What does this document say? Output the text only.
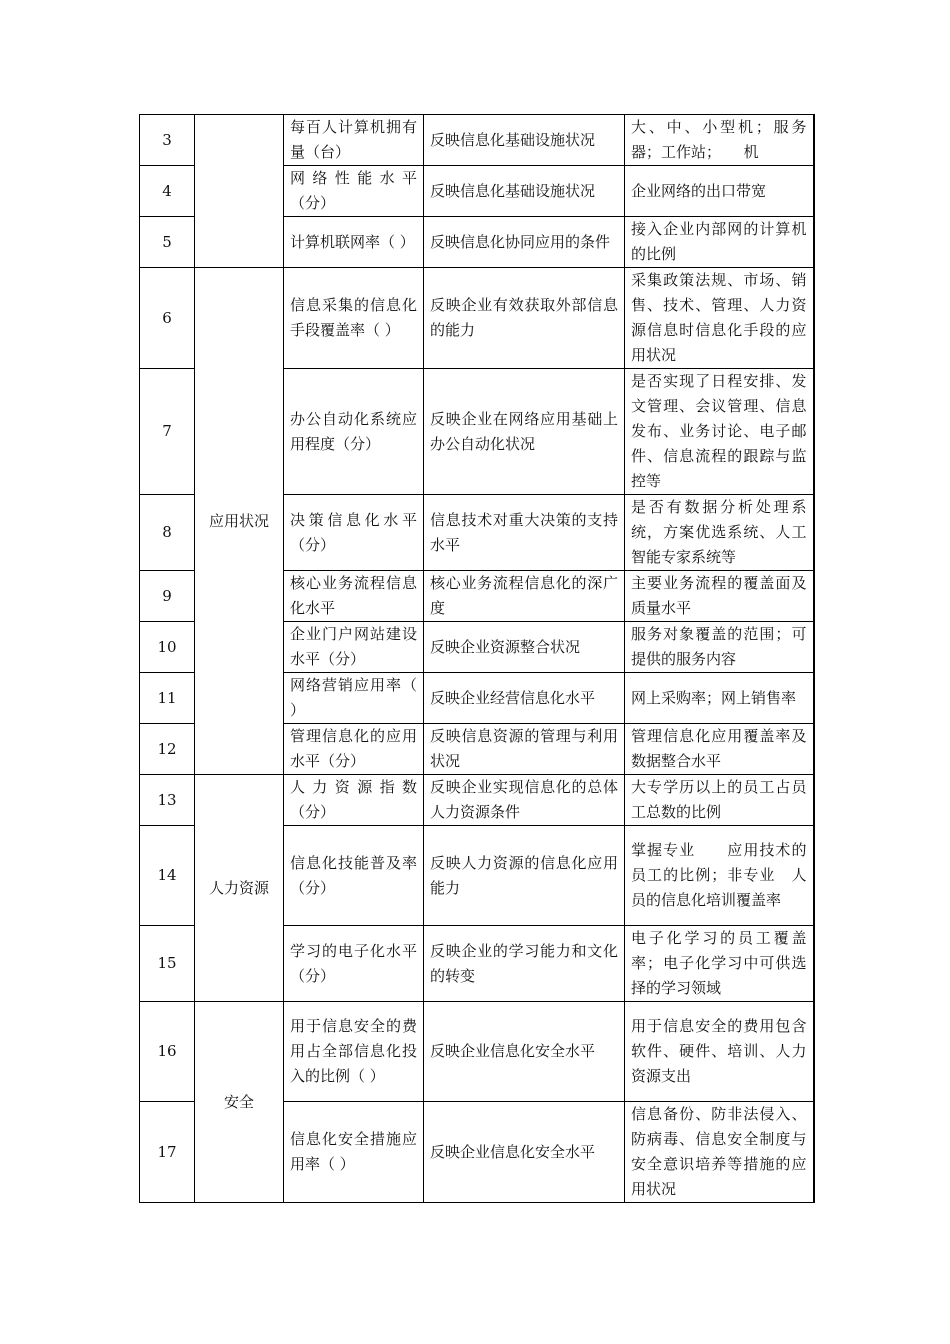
3		每百人计算机拥有量（台）	反映信息化基础设施状况	大、中、小型机；服务器；工作站；　　机
4		网络性能水平（分）	反映信息化基础设施状况	企业网络的出口带宽
5		计算机联网率（ ）	反映信息化协同应用的条件	接入企业内部网的计算机的比例
6	应用状况	信息采集的信息化手段覆盖率（ ）	反映企业有效获取外部信息的能力	采集政策法规、市场、销售、技术、管理、人力资源信息时信息化手段的应用状况
7		办公自动化系统应用程度（分）	反映企业在网络应用基础上办公自动化状况	是否实现了日程安排、发文管理、会议管理、信息发布、业务讨论、电子邮件、信息流程的跟踪与监控等
8		决策信息化水平（分）	信息技术对重大决策的支持水平	是否有数据分析处理系统，方案优选系统、人工智能专家系统等
9		核心业务流程信息化水平	核心业务流程信息化的深广度	主要业务流程的覆盖面及质量水平
10		企业门户网站建设水平（分）	反映企业资源整合状况	服务对象覆盖的范围；可提供的服务内容
11		网络营销应用率（ ）	反映企业经营信息化水平	网上采购率；网上销售率
12		管理信息化的应用水平（分）	反映信息资源的管理与利用状况	管理信息化应用覆盖率及数据整合水平
13	人力资源	人力资源指数（分）	反映企业实现信息化的总体人力资源条件	大专学历以上的员工占员工总数的比例
14		信息化技能普及率（分）	反映人力资源的信息化应用能力	掌握专业　　应用技术的员工的比例；非专业　人员的信息化培训覆盖率
15		学习的电子化水平（分）	反映企业的学习能力和文化的转变	电子化学习的员工覆盖率；电子化学习中可供选择的学习领域
16	安全	用于信息安全的费用占全部信息化投入的比例（ ）	反映企业信息化安全水平	用于信息安全的费用包含软件、硬件、培训、人力资源支出
17		信息化安全措施应用率（ ）	反映企业信息化安全水平	信息备份、防非法侵入、防病毒、信息安全制度与安全意识培养等措施的应用状况
